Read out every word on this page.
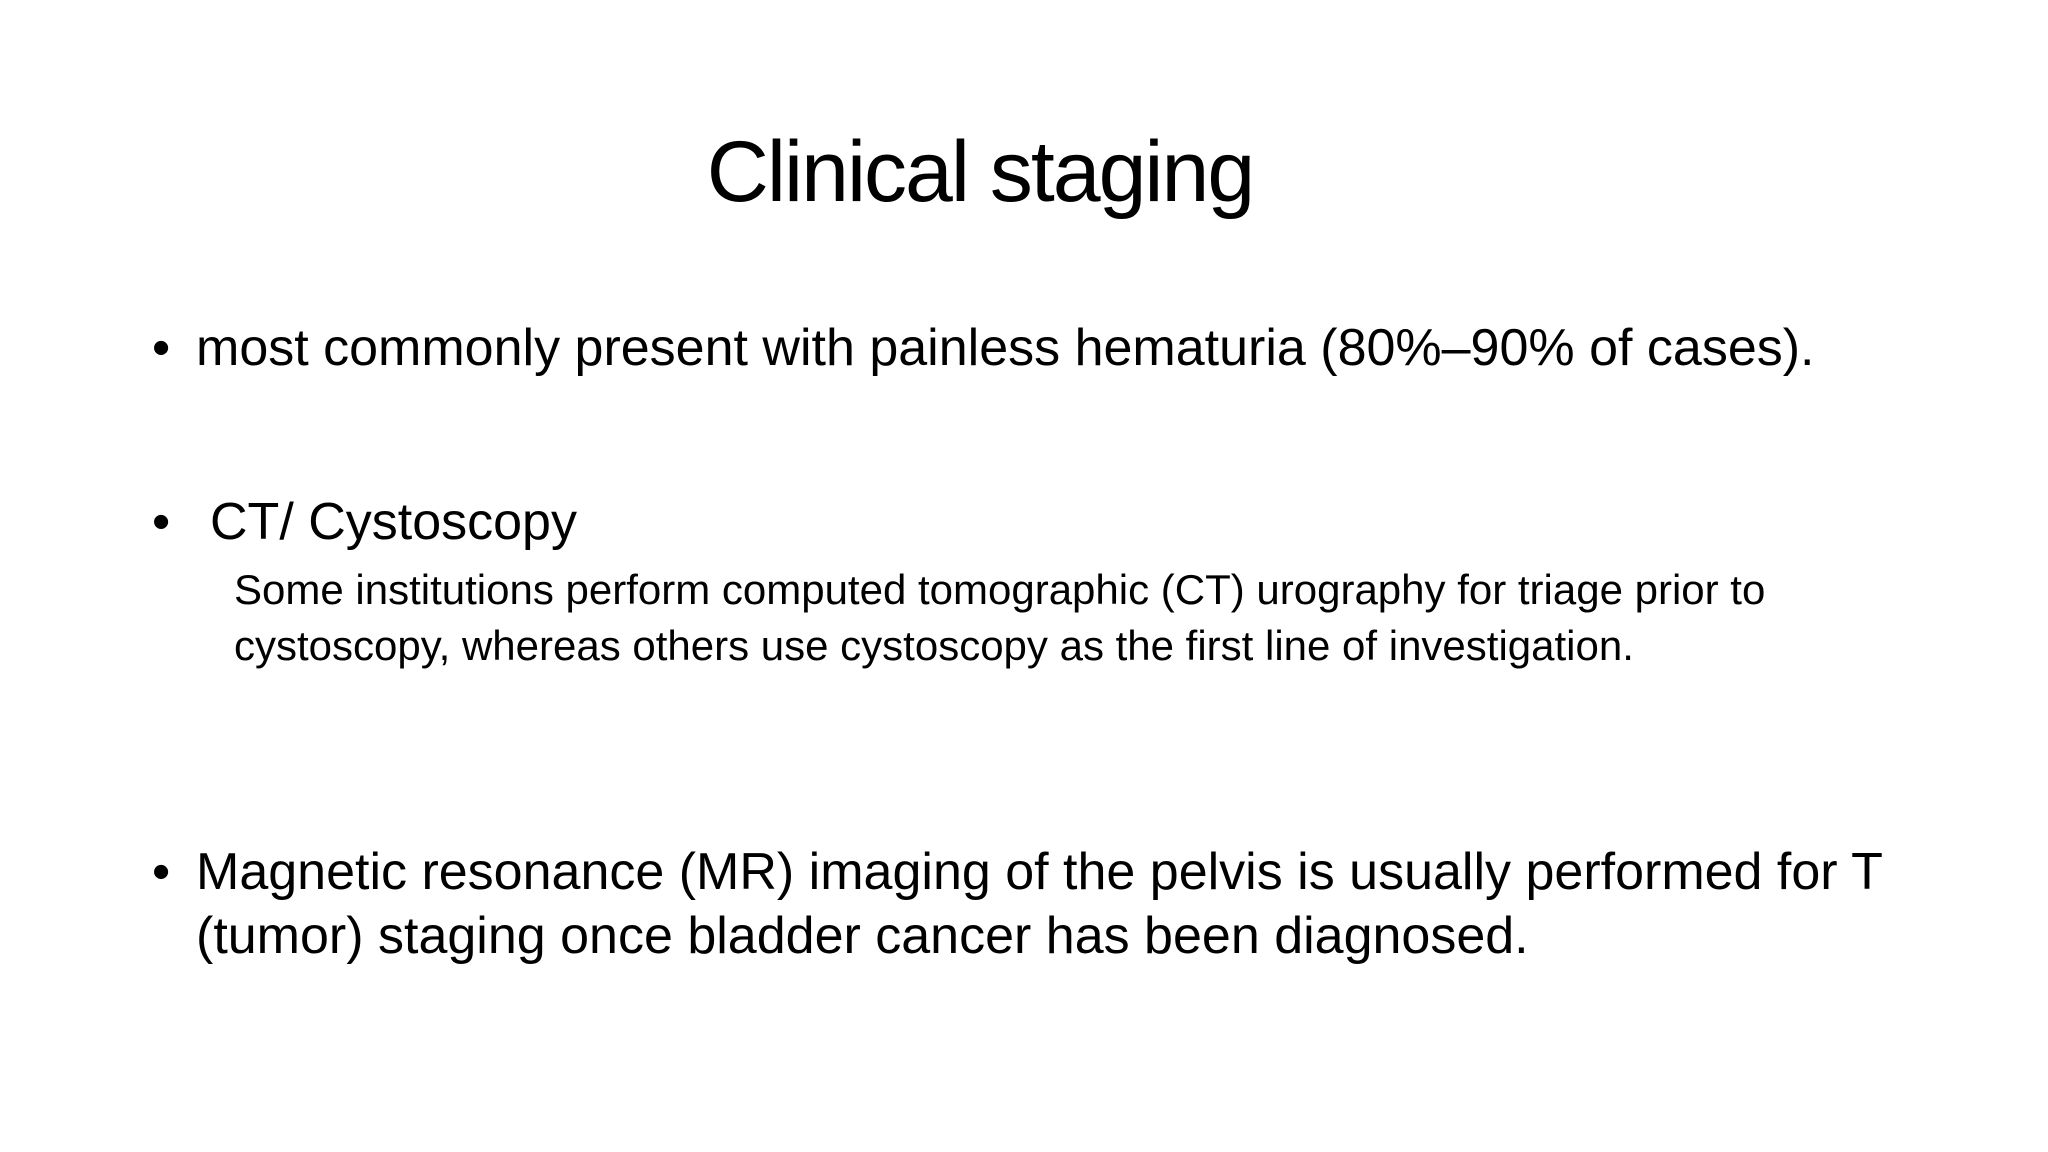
Clinical staging
• most commonly present with painless hematuria (80%–90% of cases).
• CT/ Cystoscopy
Some institutions perform computed tomographic (CT) urography for triage prior to cystoscopy, whereas others use cystoscopy as the first line of investigation.
• Magnetic resonance (MR) imaging of the pelvis is usually performed for T (tumor) staging once bladder cancer has been diagnosed.
